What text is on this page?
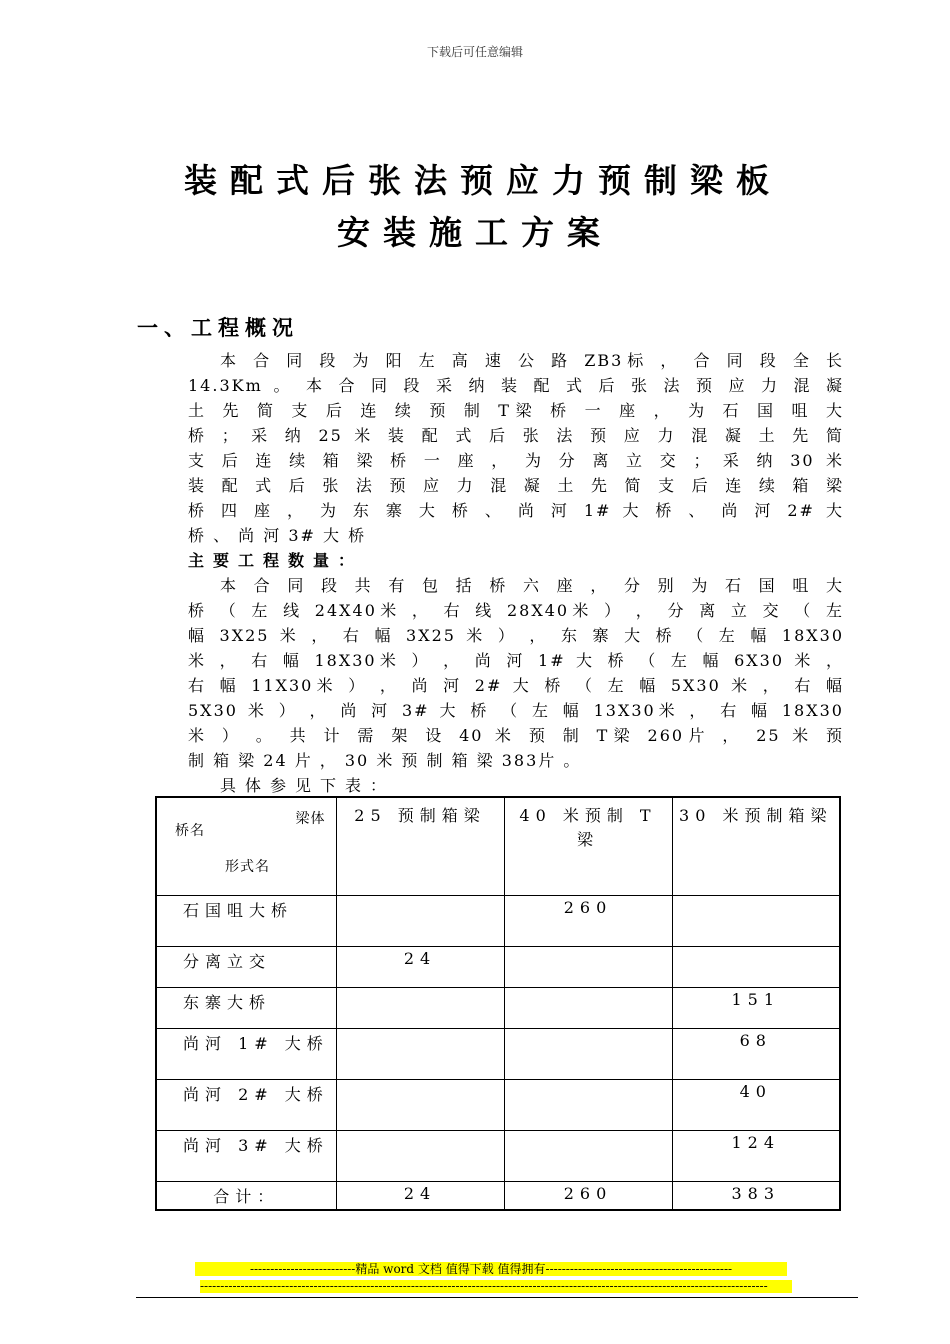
下载后可任意编辑
装配式后张法预应力预制梁板
安装施工方案
一、工程概况
本 合 同 段 为 阳 左 高 速 公 路 ZB3标 ， 合 同 段 全 长
14.3Km 。 本 合 同 段 采 纳 装 配 式 后 张 法 预 应 力 混 凝
土 先 简 支 后 连 续 预 制 T梁 桥 一 座 ， 为 石 国 咀 大
桥 ； 采 纳 25 米 装 配 式 后 张 法 预 应 力 混 凝 土 先 简
支 后 连 续 箱 梁 桥 一 座 ， 为 分 离 立 交 ； 采 纳 30 米
装 配 式 后 张 法 预 应 力 混 凝 土 先 简 支 后 连 续 箱 梁
桥 四 座 ， 为 东 寨 大 桥 、 尚 河 1# 大 桥 、 尚 河 2# 大
桥 、 尚 河 3# 大 桥
主要工程数量：
本 合 同 段 共 有 包 括 桥 六 座 ， 分 别 为 石 国 咀 大
桥 （ 左 线 24X40米 ， 右 线 28X40米 ） ， 分 离 立 交 （ 左
幅 3X25 米 ， 右 幅 3X25 米 ） ， 东 寨 大 桥 （ 左 幅 18X30
米 ， 右 幅 18X30米 ） ， 尚 河 1# 大 桥 （ 左 幅 6X30 米 ，
右 幅 11X30米 ） ， 尚 河 2# 大 桥 （ 左 幅 5X30 米 ， 右 幅
5X30 米 ） ， 尚 河 3# 大 桥 （ 左 幅 13X30米 ， 右 幅 18X30
米 ） 。 共 计 需 架 设 40 米 预 制 T梁 260片 ， 25 米 预
制 箱 梁 24 片 ， 30 米 预 制 箱 梁 383片 。
具体参见下表：
梁体
桥名
形式名	25 预制箱梁	40 米预制 T梁	30 米预制箱梁
石国咀大桥		260	
分离立交	24		
东寨大桥			151
尚河 1# 大桥			68
尚河 2# 大桥			40
尚河 3# 大桥			124
合计：	24	260	383
--------------------------精品 word 文档 值得下载 值得拥有----------------------------------------------
--------------------------------------------------------------------------------------------------------------------------------------------
